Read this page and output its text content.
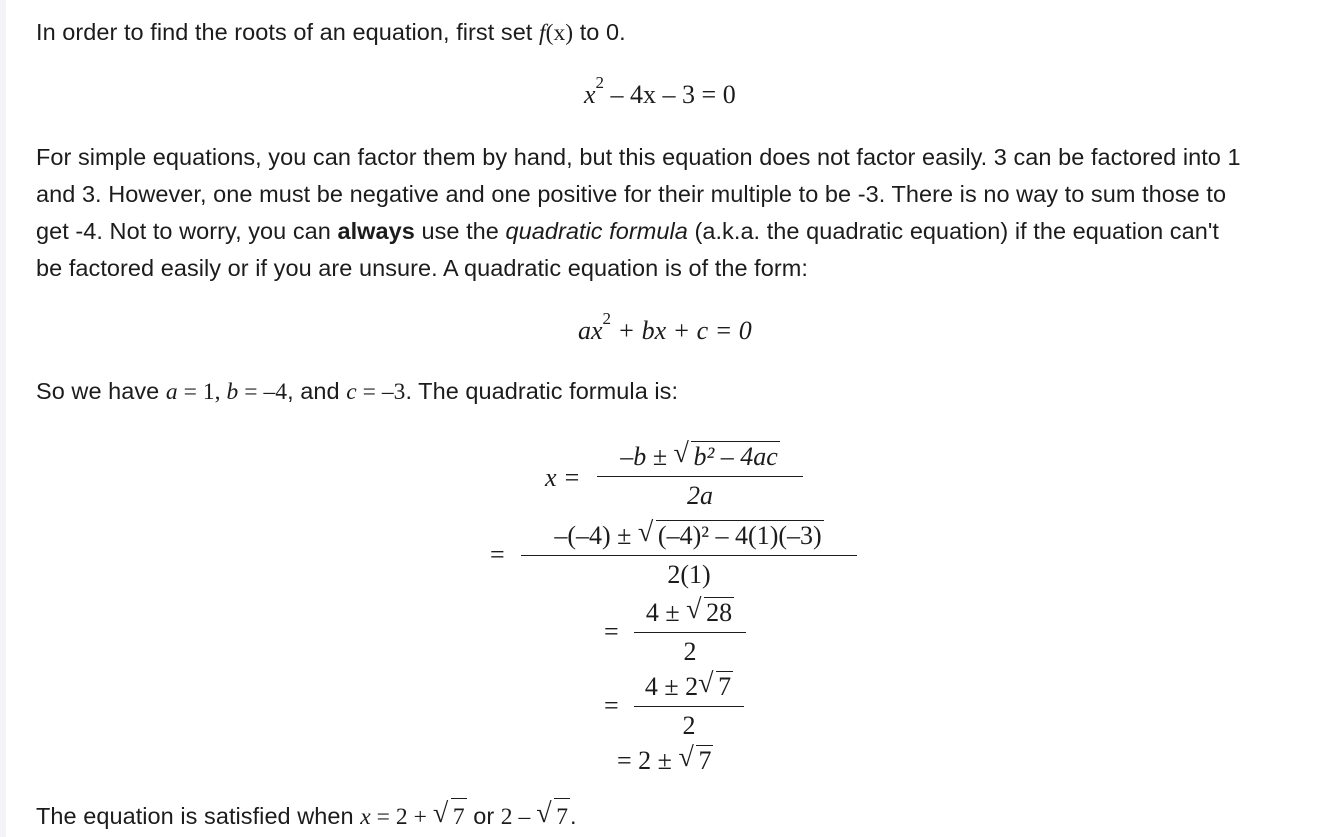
In order to find the roots of an equation, first set f(x) to 0.
$x^2 - 4x - 3 = 0$
For simple equations, you can factor them by hand, but this equation does not factor easily. 3 can be factored into 1
and 3. However, one must be negative and one positive for their multiple to be -3. There is no way to sum those to
get -4. Not to worry, you can always use the quadratic formula (a.k.a. the quadratic equation) if the equation can't
be factored easily or if you are unsure. A quadratic equation is of the form:
$ax^2$ + bx + c = 0
So we have a = 1, b = –4, and c = –3. The quadratic formula is:
x =
–b ± √ b² – 4ac
2a
=
–(–4) ± √ (–4)² – 4(1)(–3)
2(1)
=
4 ± √ 28
2
=
4 ± 2√ 7
2
= 2 ± √ 7
The equation is satisfied when x = 2 + √ 7 or 2 – √ 7.
